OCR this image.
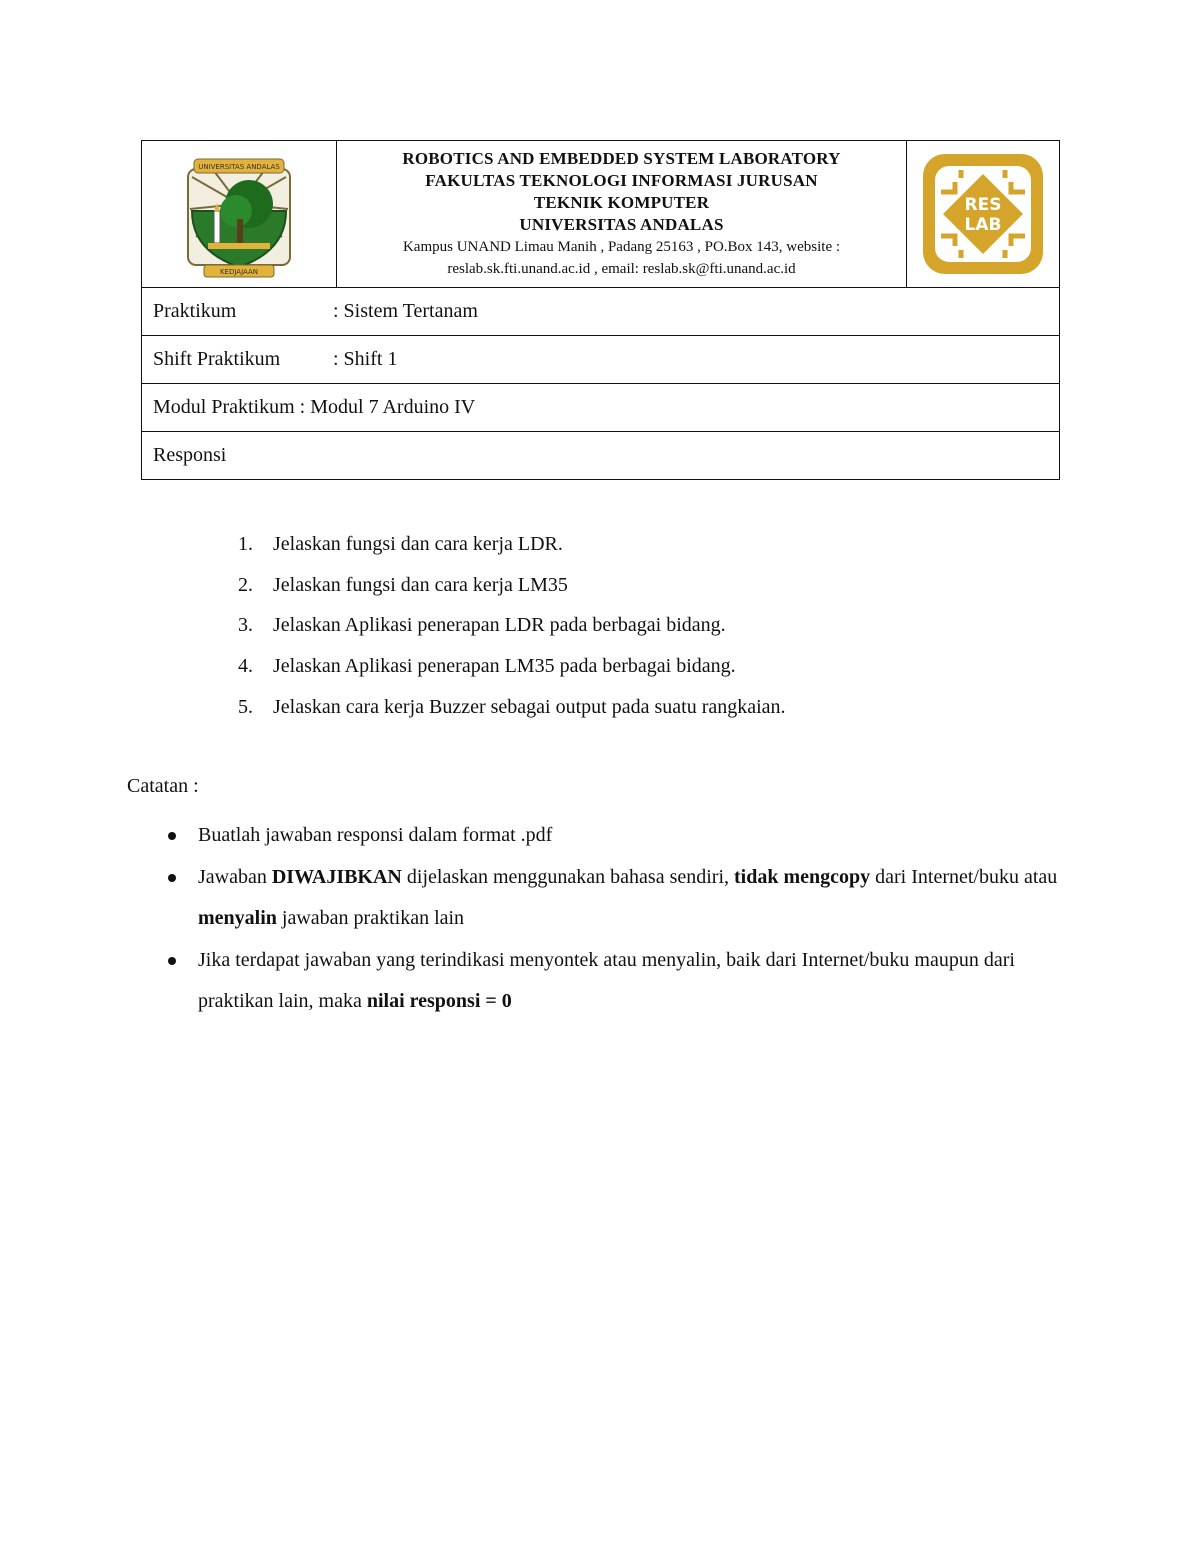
UNIVERSITAS ANDALAS
KEDJAJAAN

ROBOTICS AND EMBEDDED SYSTEM LABORATORY
FAKULTAS TEKNOLOGI INFORMASI JURUSAN
TEKNIK KOMPUTER
UNIVERSITAS ANDALAS
Kampus UNAND Limau Manih , Padang 25163 , PO.Box 143, website :
reslab.sk.fti.unand.ac.id , email: reslab.sk@fti.unand.ac.id

RES
LAB

Praktikum	: Sistem Tertanam
Shift Praktikum	: Shift 1
Modul Praktikum : Modul 7 Arduino IV
Responsi
1. Jelaskan fungsi dan cara kerja LDR.
2. Jelaskan fungsi dan cara kerja LM35
3. Jelaskan Aplikasi penerapan LDR pada berbagai bidang.
4. Jelaskan Aplikasi penerapan LM35 pada berbagai bidang.
5. Jelaskan cara kerja Buzzer sebagai output pada suatu rangkaian.
Catatan :
Buatlah jawaban responsi dalam format .pdf
Jawaban DIWAJIBKAN dijelaskan menggunakan bahasa sendiri, tidak mengcopy dari Internet/buku atau menyalin jawaban praktikan lain
Jika terdapat jawaban yang terindikasi menyontek atau menyalin, baik dari Internet/buku maupun dari praktikan lain, maka nilai responsi = 0
